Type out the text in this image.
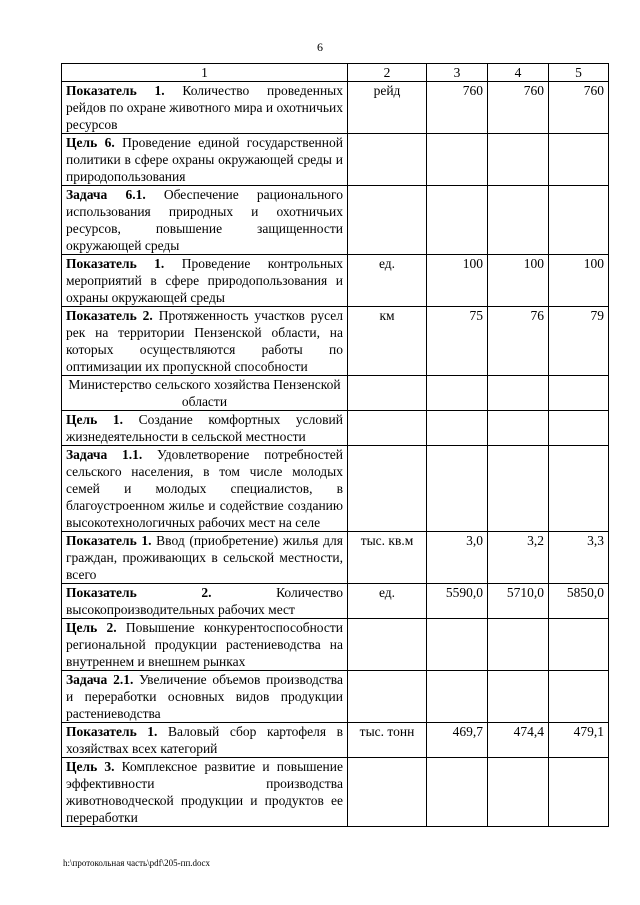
6
1	2	3	4	5
Показатель 1. Количество проведенных рейдов по охране животного мира и охотничьих ресурсов	рейд	760	760	760
Цель 6. Проведение единой государственной политики в сфере охраны окружающей среды и природопользования				
Задача 6.1. Обеспечение рационального использования природных и охотничьих ресурсов, повышение защищенности окружающей среды				
Показатель 1. Проведение контрольных мероприятий в сфере природопользования и охраны окружающей среды	ед.	100	100	100
Показатель 2. Протяженность участков русел рек на территории Пензенской области, на которых осуществляются работы по оптимизации их пропускной способности	км	75	76	79
Министерство сельского хозяйства Пензенской области				
Цель 1. Создание комфортных условий жизнедеятельности в сельской местности				
Задача 1.1. Удовлетворение потребностей сельского населения, в том числе молодых семей и молодых специалистов, в благоустроенном жилье и содействие созданию высокотехнологичных рабочих мест на селе				
Показатель 1. Ввод (приобретение) жилья для граждан, проживающих в сельской местности, всего	тыс. кв.м	3,0	3,2	3,3
Показатель 2. Количество высокопроизводительных рабочих мест	ед.	5590,0	5710,0	5850,0
Цель 2. Повышение конкурентоспособности региональной продукции растениеводства на внутреннем и внешнем рынках				
Задача 2.1. Увеличение объемов производства и переработки основных видов продукции растениеводства				
Показатель 1. Валовый сбор картофеля в хозяйствах всех категорий	тыс. тонн	469,7	474,4	479,1
Цель 3. Комплексное развитие и повышение эффективности производства животноводческой продукции и продуктов ее переработки				
h:\протокольная часть\pdf\205-пп.docx
